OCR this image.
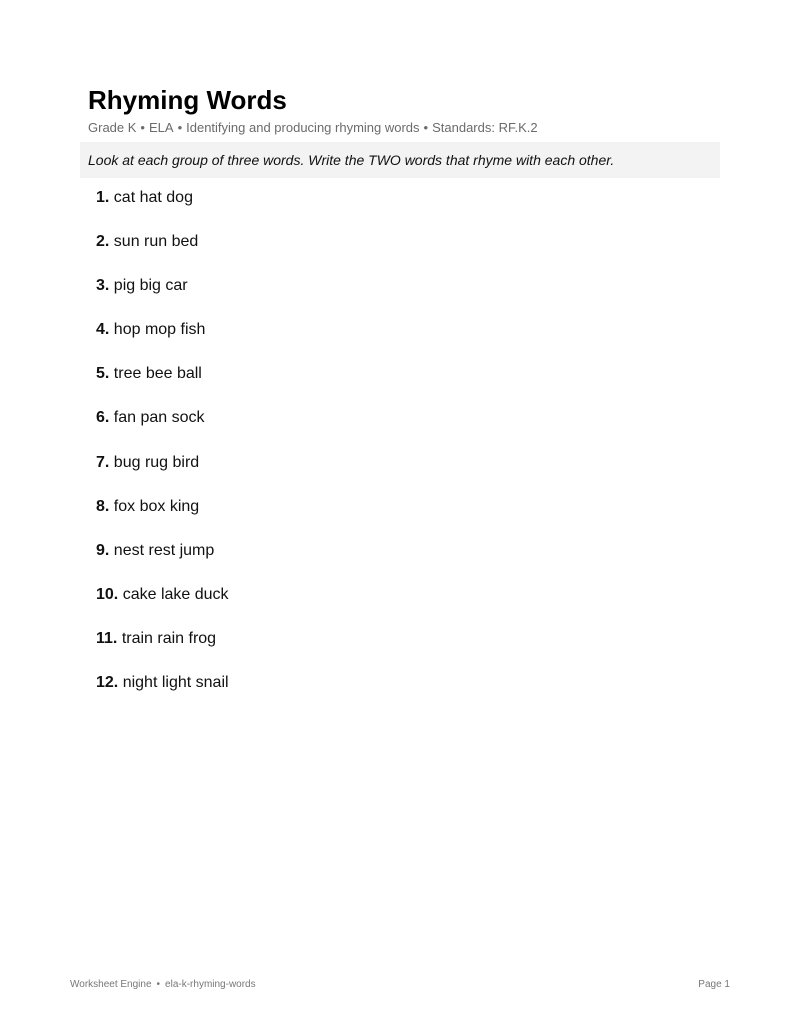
Rhyming Words
Grade K • ELA • Identifying and producing rhyming words • Standards: RF.K.2
Look at each group of three words. Write the TWO words that rhyme with each other.
1. cat hat dog
2. sun run bed
3. pig big car
4. hop mop fish
5. tree bee ball
6. fan pan sock
7. bug rug bird
8. fox box king
9. nest rest jump
10. cake lake duck
11. train rain frog
12. night light snail
Worksheet Engine • ela-k-rhyming-words	Page 1
